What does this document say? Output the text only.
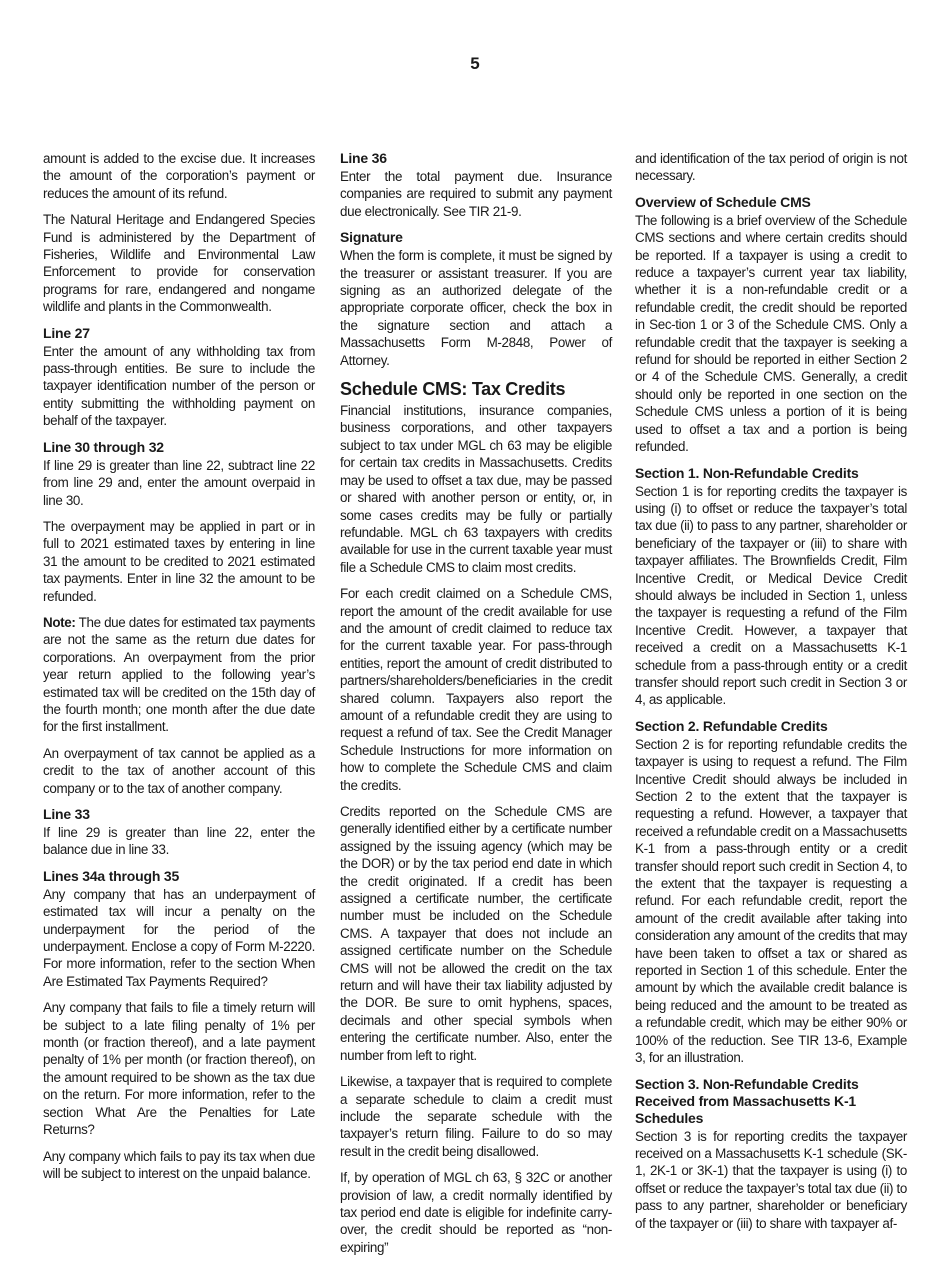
5

amount is added to the excise due. It increases the amount of the corporation’s payment or reduces the amount of its refund.

The Natural Heritage and Endangered Species Fund is administered by the Department of Fisheries, Wildlife and Environmental Law Enforcement to provide for conservation programs for rare, endangered and nongame wildlife and plants in the Commonwealth.

Line 27

Enter the amount of any withholding tax from pass-through entities. Be sure to include the taxpayer identification number of the person or entity submitting the withholding payment on behalf of the taxpayer.

Line 30 through 32

If line 29 is greater than line 22, subtract line 22 from line 29 and, enter the amount overpaid in line 30.

The overpayment may be applied in part or in full to 2021 estimated taxes by entering in line 31 the amount to be credited to 2021 estimated tax payments. Enter in line 32 the amount to be refunded.

Note: The due dates for estimated tax payments are not the same as the return due dates for corporations. An overpayment from the prior year return applied to the following year’s estimated tax will be credited on the 15th day of the fourth month; one month after the due date for the first installment.

An overpayment of tax cannot be applied as a credit to the tax of another account of this company or to the tax of another company.

Line 33

If line 29 is greater than line 22, enter the balance due in line 33.

Lines 34a through 35

Any company that has an underpayment of estimated tax will incur a penalty on the underpayment for the period of the underpayment. Enclose a copy of Form M-2220. For more information, refer to the section When Are Estimated Tax Payments Required?

Any company that fails to file a timely return will be subject to a late filing penalty of 1% per month (or fraction thereof), and a late payment penalty of 1% per month (or fraction thereof), on the amount required to be shown as the tax due on the return. For more information, refer to the section What Are the Penalties for Late Returns?

Any company which fails to pay its tax when due will be subject to interest on the unpaid balance.

Line 36

Enter the total payment due. Insurance companies are required to submit any payment due electronically. See TIR 21-9.

Signature

When the form is complete, it must be signed by the treasurer or assistant treasurer. If you are signing as an authorized delegate of the appropriate corporate officer, check the box in the signature section and attach a Massachusetts Form M-2848, Power of Attorney.

Schedule CMS: Tax Credits

Financial institutions, insurance companies, business corporations, and other taxpayers subject to tax under MGL ch 63 may be eligible for certain tax credits in Massachusetts. Credits may be used to offset a tax due, may be passed or shared with another person or entity, or, in some cases credits may be fully or partially refundable. MGL ch 63 taxpayers with credits available for use in the current taxable year must file a Schedule CMS to claim most credits.

For each credit claimed on a Schedule CMS, report the amount of the credit available for use and the amount of credit claimed to reduce tax for the current taxable year. For pass-through entities, report the amount of credit distributed to partners/shareholders/beneficiaries in the credit shared column. Taxpayers also report the amount of a refundable credit they are using to request a refund of tax. See the Credit Manager Schedule Instructions for more information on how to complete the Schedule CMS and claim the credits.

Credits reported on the Schedule CMS are generally identified either by a certificate number assigned by the issuing agency (which may be the DOR) or by the tax period end date in which the credit originated. If a credit has been assigned a certificate number, the certificate number must be included on the Schedule CMS. A taxpayer that does not include an assigned certificate number on the Schedule CMS will not be allowed the credit on the tax return and will have their tax liability adjusted by the DOR. Be sure to omit hyphens, spaces, decimals and other special symbols when entering the certificate number. Also, enter the number from left to right.

Likewise, a taxpayer that is required to complete a separate schedule to claim a credit must include the separate schedule with the taxpayer’s return filing. Failure to do so may result in the credit being disallowed.

If, by operation of MGL ch 63, § 32C or another provision of law, a credit normally identified by tax period end date is eligible for indefinite carry-over, the credit should be reported as “non-expiring”

and identification of the tax period of origin is not necessary.

Overview of Schedule CMS

The following is a brief overview of the Schedule CMS sections and where certain credits should be reported. If a taxpayer is using a credit to reduce a taxpayer’s current year tax liability, whether it is a non-refundable credit or a refundable credit, the credit should be reported in Sec-tion 1 or 3 of the Schedule CMS. Only a refundable credit that the taxpayer is seeking a refund for should be reported in either Section 2 or 4 of the Schedule CMS. Generally, a credit should only be reported in one section on the Schedule CMS unless a portion of it is being used to offset a tax and a portion is being refunded.

Section 1. Non-Refundable Credits

Section 1 is for reporting credits the taxpayer is using (i) to offset or reduce the taxpayer’s total tax due (ii) to pass to any partner, shareholder or beneficiary of the taxpayer or (iii) to share with taxpayer affiliates. The Brownfields Credit, Film Incentive Credit, or Medical Device Credit should always be included in Section 1, unless the taxpayer is requesting a refund of the Film Incentive Credit. However, a taxpayer that received a credit on a Massachusetts K-1 schedule from a pass-through entity or a credit transfer should report such credit in Section 3 or 4, as applicable.

Section 2. Refundable Credits

Section 2 is for reporting refundable credits the taxpayer is using to request a refund. The Film Incentive Credit should always be included in Section 2 to the extent that the taxpayer is requesting a refund. However, a taxpayer that received a refundable credit on a Massachusetts K-1 from a pass-through entity or a credit transfer should report such credit in Section 4, to the extent that the taxpayer is requesting a refund. For each refundable credit, report the amount of the credit available after taking into consideration any amount of the credits that may have been taken to offset a tax or shared as reported in Section 1 of this schedule. Enter the amount by which the available credit balance is being reduced and the amount to be treated as a refundable credit, which may be either 90% or 100% of the reduction. See TIR 13-6, Example 3, for an illustration.

Section 3. Non-Refundable Credits Received from Massachusetts K-1 Schedules

Section 3 is for reporting credits the taxpayer received on a Massachusetts K-1 schedule (SK-1, 2K-1 or 3K-1) that the taxpayer is using (i) to offset or reduce the taxpayer’s total tax due (ii) to pass to any partner, shareholder or beneficiary of the taxpayer or (iii) to share with taxpayer af-
